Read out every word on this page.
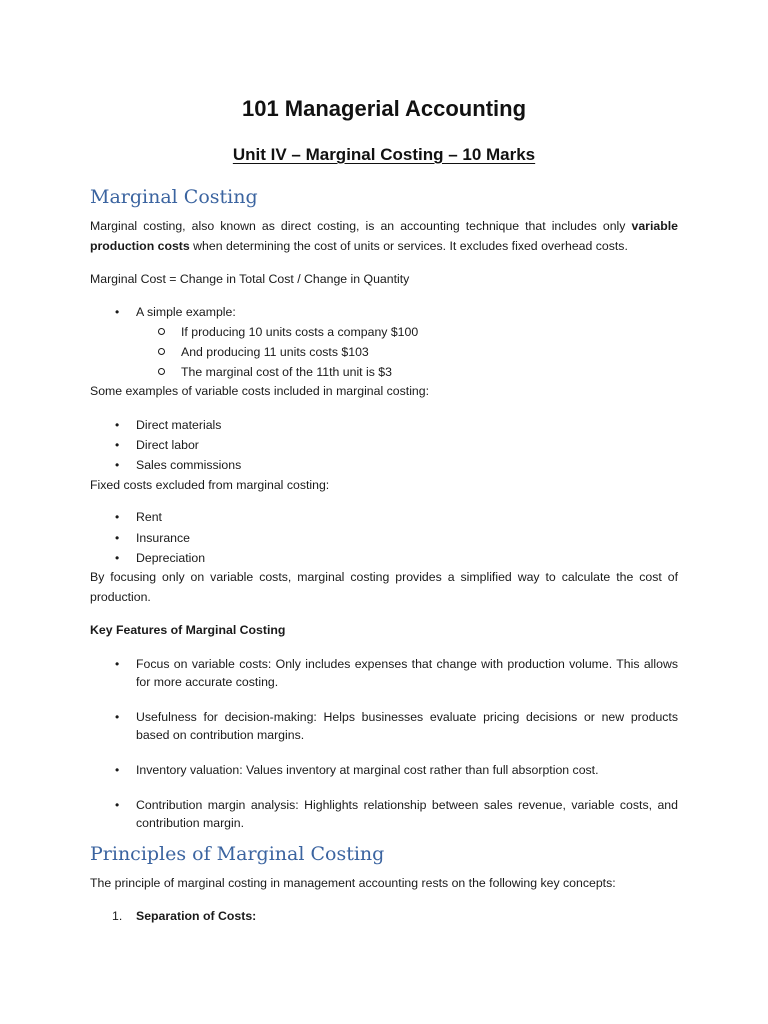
101 Managerial Accounting
Unit IV – Marginal Costing – 10 Marks
Marginal Costing

Marginal costing, also known as direct costing, is an accounting technique that includes only variable production costs when determining the cost of units or services. It excludes fixed overhead costs.

Marginal Cost = Change in Total Cost / Change in Quantity

• A simple example:

If producing 10 units costs a company $100

And producing 11 units costs $103

The marginal cost of the 11th unit is $3

Some examples of variable costs included in marginal costing:

• Direct materials

• Direct labor

• Sales commissions

Fixed costs excluded from marginal costing:

• Rent

• Insurance

• Depreciation

By focusing only on variable costs, marginal costing provides a simplified way to calculate the cost of production.

Key Features of Marginal Costing

• Focus on variable costs: Only includes expenses that change with production volume. This allows for more accurate costing.

• Usefulness for decision-making: Helps businesses evaluate pricing decisions or new products based on contribution margins.

• Inventory valuation: Values inventory at marginal cost rather than full absorption cost.

• Contribution margin analysis: Highlights relationship between sales revenue, variable costs, and contribution margin.

Principles of Marginal Costing

The principle of marginal costing in management accounting rests on the following key concepts:

1. Separation of Costs:
